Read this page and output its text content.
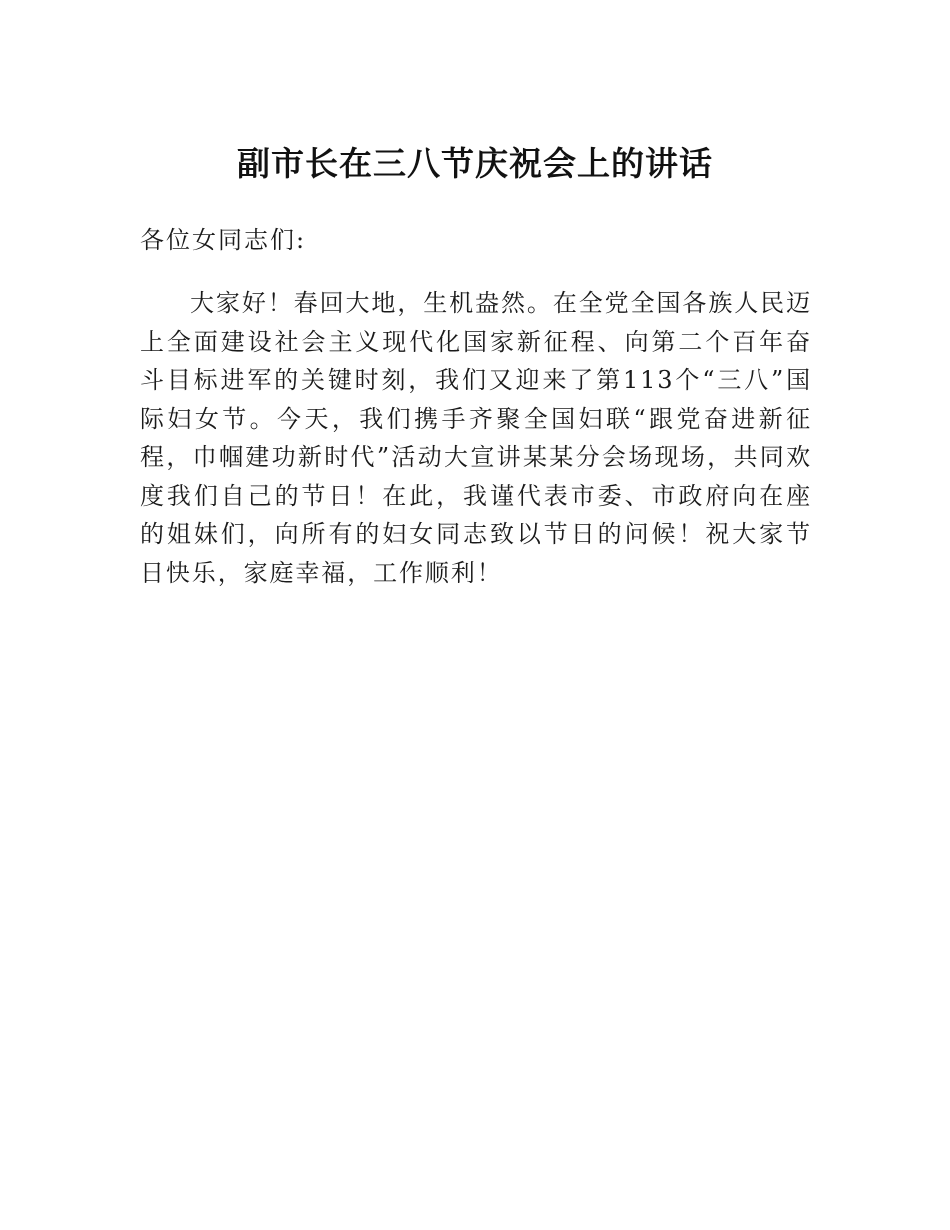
副市长在三八节庆祝会上的讲话

各位女同志们:

大家好！春回大地，生机盎然。在全党全国各族人民迈上全面建设社会主义现代化国家新征程、向第二个百年奋斗目标进军的关键时刻，我们又迎来了第113个“三八”国际妇女节。今天，我们携手齐聚全国妇联“跟党奋进新征程，巾帼建功新时代”活动大宣讲某某分会场现场，共同欢度我们自己的节日！在此，我谨代表市委、市政府向在座的姐妹们，向所有的妇女同志致以节日的问候！祝大家节日快乐，家庭幸福，工作顺利！
